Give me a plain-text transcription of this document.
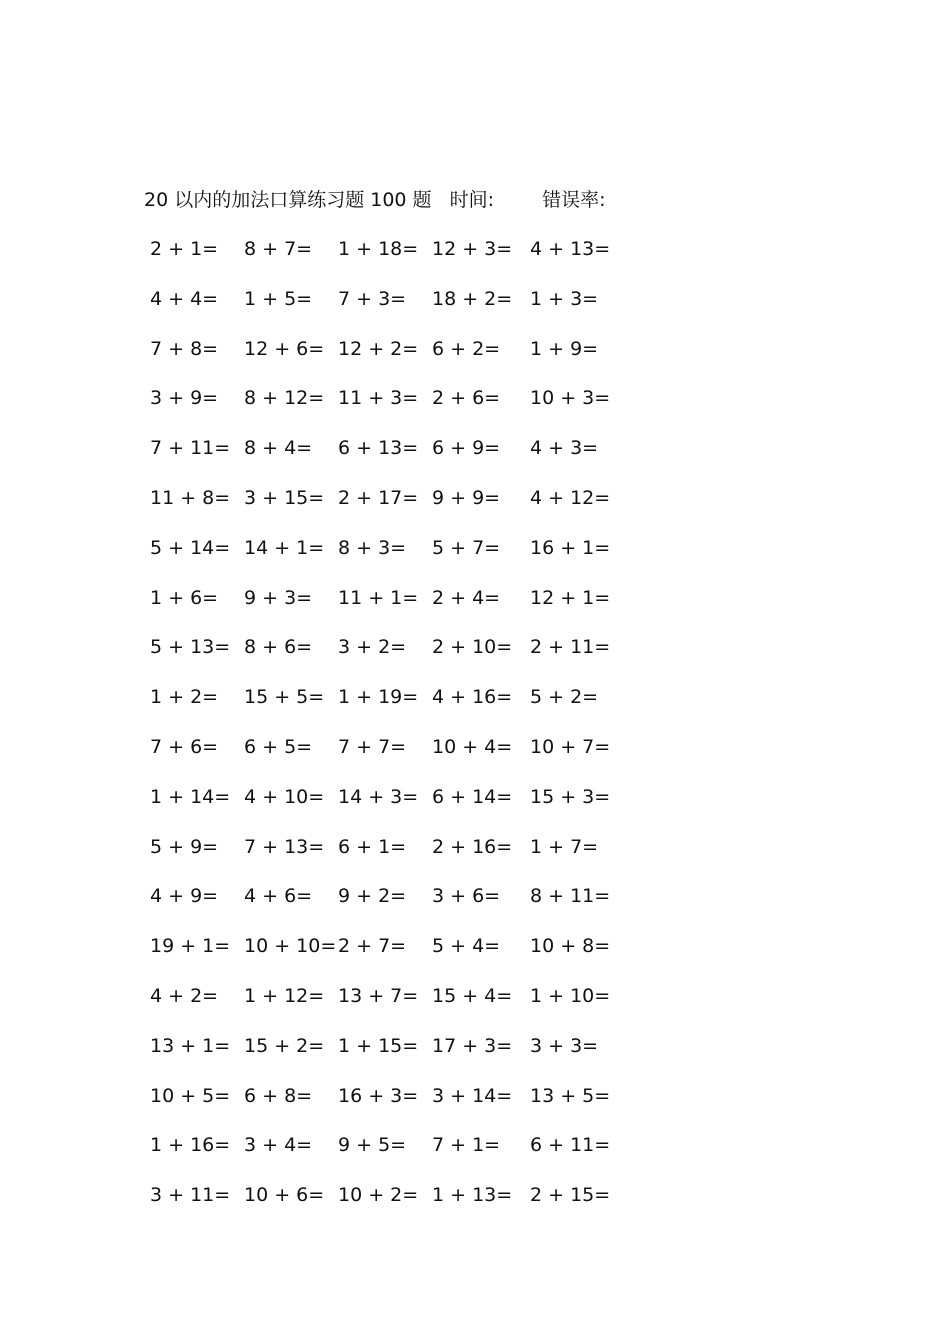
20 以内的加法口算练习题 100 题 时间:	错误率:
2 + 1= 8 + 7= 1 + 18= 12 + 3= 4 + 13=
4 + 4= 1 + 5= 7 + 3= 18 + 2= 1 + 3=
7 + 8= 12 + 6= 12 + 2= 6 + 2= 1 + 9=
3 + 9= 8 + 12= 11 + 3= 2 + 6= 10 + 3=
7 + 11= 8 + 4= 6 + 13= 6 + 9= 4 + 3=
11 + 8= 3 + 15= 2 + 17= 9 + 9= 4 + 12=
5 + 14= 14 + 1= 8 + 3= 5 + 7= 16 + 1=
1 + 6= 9 + 3= 11 + 1= 2 + 4= 12 + 1=
5 + 13= 8 + 6= 3 + 2= 2 + 10= 2 + 11=
1 + 2= 15 + 5= 1 + 19= 4 + 16= 5 + 2=
7 + 6= 6 + 5= 7 + 7= 10 + 4= 10 + 7=
1 + 14= 4 + 10= 14 + 3= 6 + 14= 15 + 3=
5 + 9= 7 + 13= 6 + 1= 2 + 16= 1 + 7=
4 + 9= 4 + 6= 9 + 2= 3 + 6= 8 + 11=
19 + 1= 10 + 10= 2 + 7= 5 + 4= 10 + 8=
4 + 2= 1 + 12= 13 + 7= 15 + 4= 1 + 10=
13 + 1= 15 + 2= 1 + 15= 17 + 3= 3 + 3=
10 + 5= 6 + 8= 16 + 3= 3 + 14= 13 + 5=
1 + 16= 3 + 4= 9 + 5= 7 + 1= 6 + 11=
3 + 11= 10 + 6= 10 + 2= 1 + 13= 2 + 15=
